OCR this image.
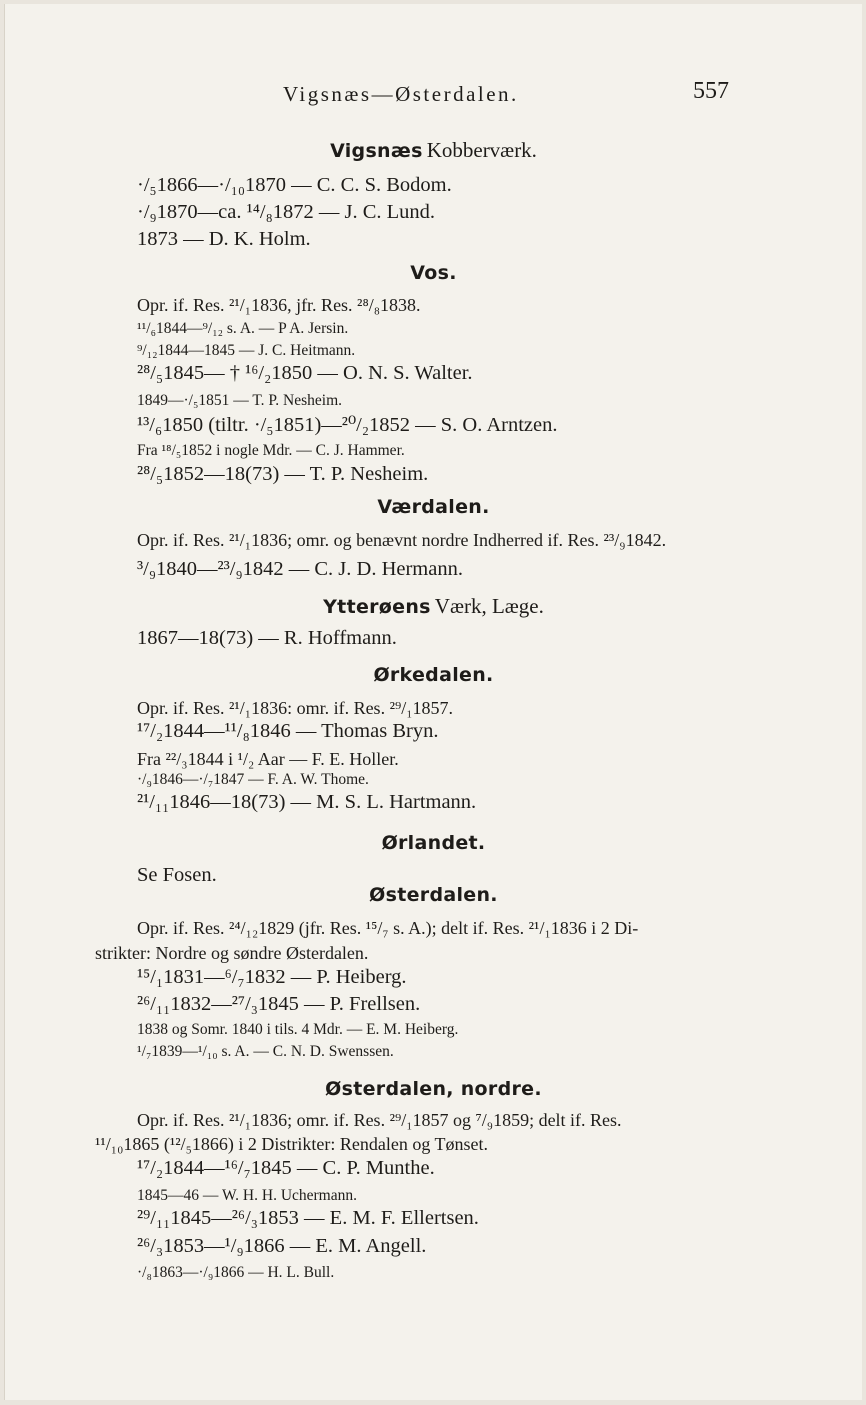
Vigsnæs—Østerdalen.	557
Vigsnæs Kobberværk.
·/₅1866—·/₁₀1870 — C. C. S. Bodom.
·/₉1870—ca. ¹⁴/₈1872 — J. C. Lund.
1873 — D. K. Holm.
Vos.
Opr. if. Res. ²¹/₁1836, jfr. Res. ²⁸/₈1838.
¹¹/₆1844—⁹/₁₂ s. A. — P A. Jersin.
⁹/₁₂1844—1845 — J. C. Heitmann.
²⁸/₅1845— † ¹⁶/₂1850 — O. N. S. Walter.
1849—·/₅1851 — T. P. Nesheim.
¹³/₆1850 (tiltr. ·/₅1851)—²⁰/₂1852 — S. O. Arntzen.
Fra ¹⁸/₅1852 i nogle Mdr. — C. J. Hammer.
²⁸/₅1852—18(73) — T. P. Nesheim.
Værdalen.
Opr. if. Res. ²¹/₁1836; omr. og benævnt nordre Indherred if. Res. ²³/₉1842.
³/₉1840—²³/₉1842 — C. J. D. Hermann.
Ytterøens Værk, Læge.
1867—18(73) — R. Hoffmann.
Ørkedalen.
Opr. if. Res. ²¹/₁1836: omr. if. Res. ²⁹/₁1857.
¹⁷/₂1844—¹¹/₈1846 — Thomas Bryn.
Fra ²²/₃1844 i ¹/₂ Aar — F. E. Holler.
·/₉1846—·/₇1847 — F. A. W. Thome.
²¹/₁₁1846—18(73) — M. S. L. Hartmann.
Ørlandet.
Se Fosen.
Østerdalen.
Opr. if. Res. ²⁴/₁₂1829 (jfr. Res. ¹⁵/₇ s. A.); delt if. Res. ²¹/₁1836 i 2 Di-
strikter: Nordre og søndre Østerdalen.
¹⁵/₁1831—⁶/₇1832 — P. Heiberg.
²⁶/₁₁1832—²⁷/₃1845 — P. Frellsen.
1838 og Somr. 1840 i tils. 4 Mdr. — E. M. Heiberg.
¹/₇1839—¹/₁₀ s. A. — C. N. D. Swenssen.
Østerdalen, nordre.
Opr. if. Res. ²¹/₁1836; omr. if. Res. ²⁹/₁1857 og ⁷/₉1859; delt if. Res.
¹¹/₁₀1865 (¹²/₅1866) i 2 Distrikter: Rendalen og Tønset.
¹⁷/₂1844—¹⁶/₇1845 — C. P. Munthe.
1845—46 — W. H. H. Uchermann.
²⁹/₁₁1845—²⁶/₃1853 — E. M. F. Ellertsen.
²⁶/₃1853—¹/₉1866 — E. M. Angell.
·/₈1863—·/₉1866 — H. L. Bull.
